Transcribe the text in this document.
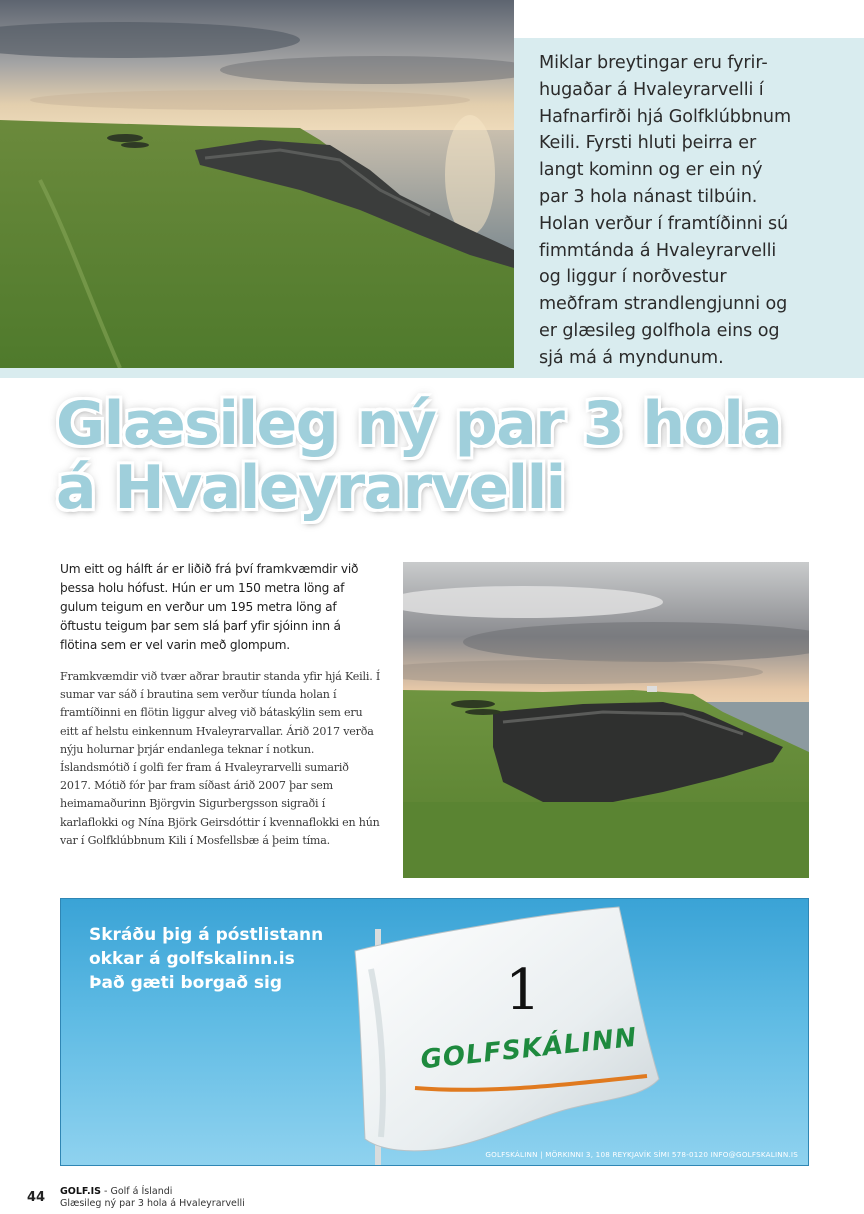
Miklar breytingar eru fyrir-
hugaðar á Hvaleyrarvelli í
Hafnarfirði hjá Golfklúbbnum
Keili. Fyrsti hluti þeirra er
langt kominn og er ein ný
par 3 hola nánast tilbúin.
Holan verður í framtíðinni sú
fimmtánda á Hvaleyrarvelli
og liggur í norðvestur
meðfram strandlengjunni og
er glæsileg golfhola eins og
sjá má á myndunum.
Glæsileg ný par 3 hola
á Hvaleyrarvelli

Um eitt og hálft ár er liðið frá því framkvæmdir við þessa holu hófust. Hún er um 150 metra löng af gulum teigum en verður um 195 metra löng af öftustu teigum þar sem slá þarf yfir sjóinn inn á flötina sem er vel varin með glompum.

Framkvæmdir við tvær aðrar brautir standa yfir hjá Keili. Í sumar var sáð í brautina sem verður tíunda holan í framtíðinni en flötin liggur alveg við bátaskýlin sem eru eitt af helstu einkennum Hvaleyrarvallar. Árið 2017 verða nýju holurnar þrjár endanlega teknar í notkun. Íslandsmótið í golfi fer fram á Hvaleyrarvelli sumarið 2017. Mótið fór þar fram síðast árið 2007 þar sem heimamaðurinn Björgvin Sigurbergsson sigraði í karlaflokki og Nína Björk Geirsdóttir í kvennaflokki en hún var í Golfklúbbnum Kili í Mosfellsbæ á þeim tíma.

Skráðu þig á póstlistann
okkar á golfskalinn.is
Það gæti borgað sig	1
GOLFSKÁLINN
GOLFSKÁLINN | MÖRKINNI 3, 108 REYKJAVÍK SÍMI 578-0120 INFO@GOLFSKALINN.IS
44 GOLF.IS - Golf á Íslandi
Glæsileg ný par 3 hola á Hvaleyrarvelli
